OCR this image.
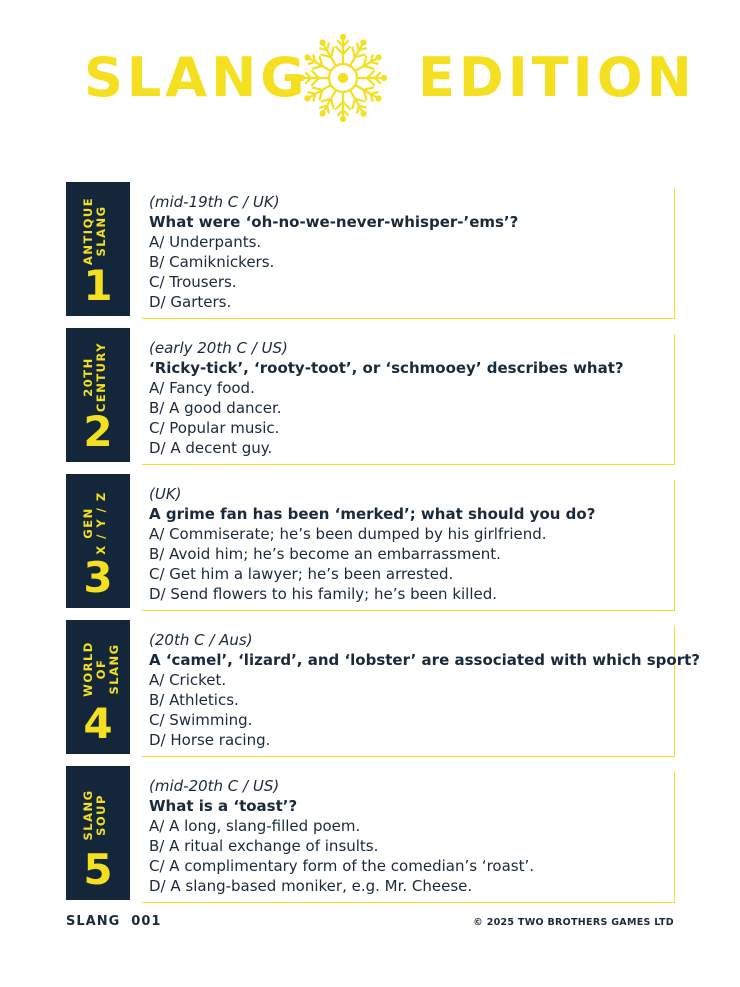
SLANG EDITION
ANTIQUE
SLANG
1

(mid-19th C / UK)

What were ‘oh-no-we-never-whisper-’ems’?

A/ Underpants.

B/ Camiknickers.

C/ Trousers.

D/ Garters.

20TH
CENTURY
2

(early 20th C / US)

‘Ricky-tick’, ‘rooty-toot’, or ‘schmooey’ describes what?

A/ Fancy food.

B/ A good dancer.

C/ Popular music.

D/ A decent guy.

GEN
X / Y / Z
3

(UK)

A grime fan has been ‘merked’; what should you do?

A/ Commiserate; he’s been dumped by his girlfriend.

B/ Avoid him; he’s become an embarrassment.

C/ Get him a lawyer; he’s been arrested.

D/ Send flowers to his family; he’s been killed.

WORLD
OF
SLANG
4

(20th C / Aus)

A ‘camel’, ‘lizard’, and ‘lobster’ are associated with which sport?

A/ Cricket.

B/ Athletics.

C/ Swimming.

D/ Horse racing.

SLANG
SOUP
5

(mid-20th C / US)

What is a ‘toast’?

A/ A long, slang-filled poem.

B/ A ritual exchange of insults.

C/ A complimentary form of the comedian’s ‘roast’.

D/ A slang-based moniker, e.g. Mr. Cheese.

SLANG  001	© 2025 TWO BROTHERS GAMES LTD
